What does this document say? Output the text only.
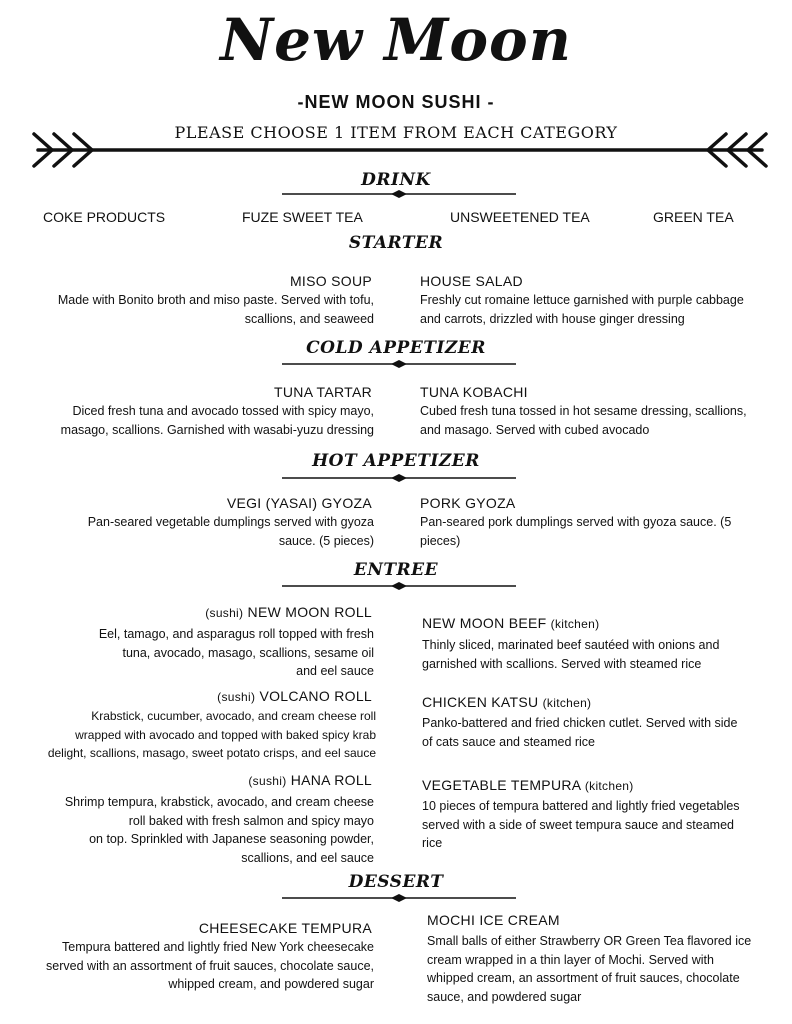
New Moon
-NEW MOON SUSHI -
PLEASE CHOOSE 1 ITEM FROM EACH CATEGORY
DRINK
COKE PRODUCTS	FUZE SWEET TEA	UNSWEETENED TEA	GREEN TEA
STARTER
MISO SOUP
Made with Bonito broth and miso paste. Served with tofu,
scallions, and seaweed
HOUSE SALAD
Freshly cut romaine lettuce garnished with purple cabbage
and carrots, drizzled with house ginger dressing
COLD APPETIZER
TUNA TARTAR
Diced fresh tuna and avocado tossed with spicy mayo,
masago, scallions. Garnished with wasabi-yuzu dressing
TUNA KOBACHI
Cubed fresh tuna tossed in hot sesame dressing, scallions,
and masago. Served with cubed avocado
HOT APPETIZER
VEGI (YASAI) GYOZA
Pan-seared vegetable dumplings served with gyoza
sauce. (5 pieces)
PORK GYOZA
Pan-seared pork dumplings served with gyoza sauce. (5
pieces)
ENTREE
(sushi) NEW MOON ROLL
Eel, tamago, and asparagus roll topped with fresh
tuna, avocado, masago, scallions, sesame oil
and eel sauce
(sushi) VOLCANO ROLL
Krabstick, cucumber, avocado, and cream cheese roll
wrapped with avocado and topped with baked spicy krab
delight, scallions, masago, sweet potato crisps, and eel sauce
(sushi) HANA ROLL
Shrimp tempura, krabstick, avocado, and cream cheese
roll baked with fresh salmon and spicy mayo
on top. Sprinkled with Japanese seasoning powder,
scallions, and eel sauce
NEW MOON BEEF (kitchen)
Thinly sliced, marinated beef sautéed with onions and
garnished with scallions. Served with steamed rice
CHICKEN KATSU (kitchen)
Panko-battered and fried chicken cutlet. Served with side
of cats sauce and steamed rice
VEGETABLE TEMPURA (kitchen)
10 pieces of tempura battered and lightly fried vegetables
served with a side of sweet tempura sauce and steamed
rice
DESSERT
CHEESECAKE TEMPURA
Tempura battered and lightly fried New York cheesecake
served with an assortment of fruit sauces, chocolate sauce,
whipped cream, and powdered sugar
MOCHI ICE CREAM
Small balls of either Strawberry OR Green Tea flavored ice
cream wrapped in a thin layer of Mochi. Served with
whipped cream, an assortment of fruit sauces, chocolate
sauce, and powdered sugar
